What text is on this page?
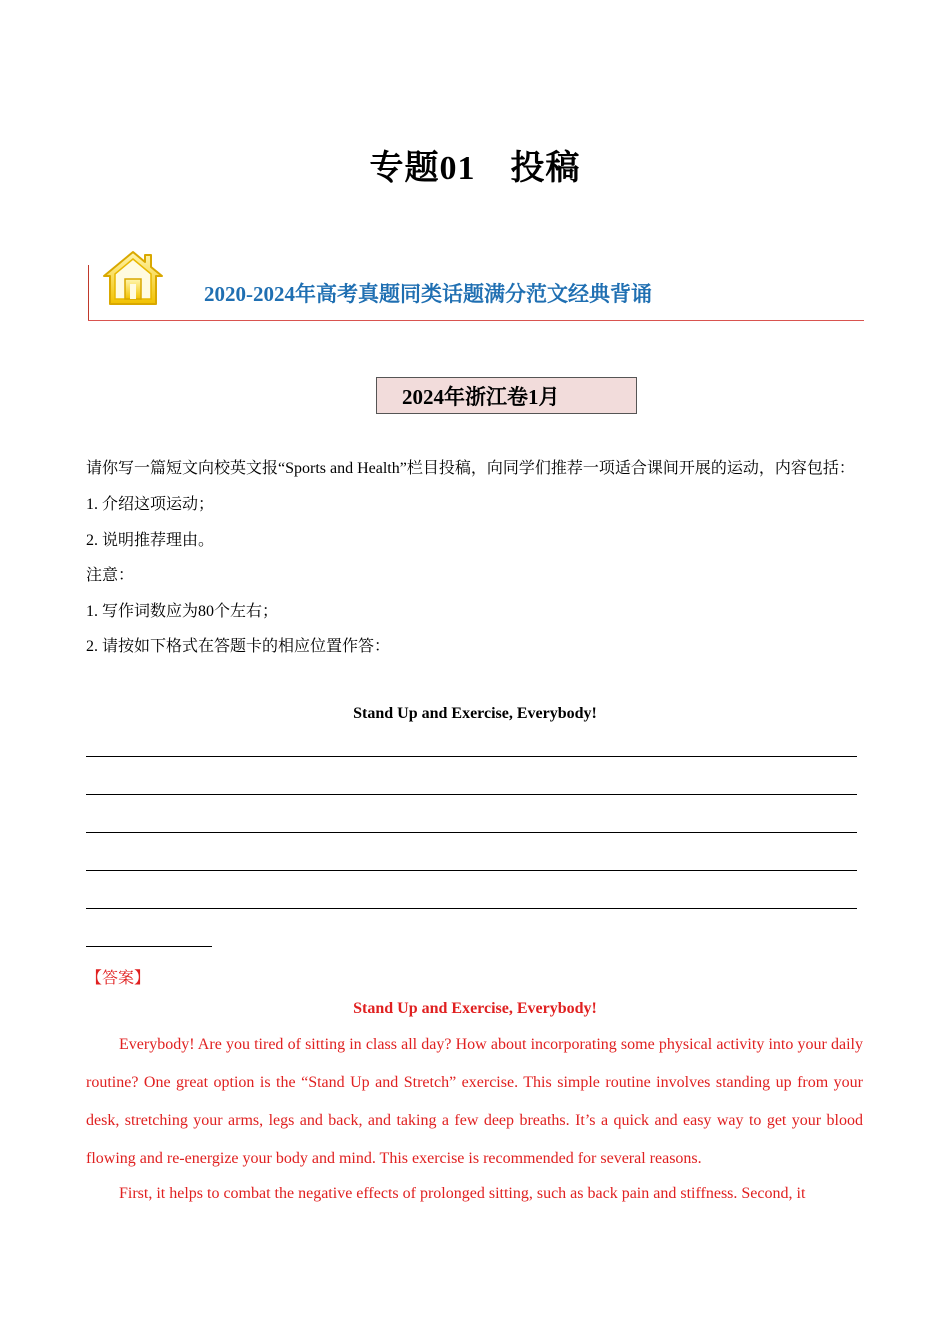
专题01　投稿
2020-2024年高考真题同类话题满分范文经典背诵
2024年浙江卷1月

请你写一篇短文向校英文报“Sports and Health”栏目投稿，向同学们推荐一项适合课间开展的运动，内容包括：

1. 介绍这项运动；

2. 说明推荐理由。

注意：

1. 写作词数应为80个左右；

2. 请按如下格式在答题卡的相应位置作答：

Stand Up and Exercise, Everybody!
【答案】
Stand Up and Exercise, Everybody!

Everybody! Are you tired of sitting in class all day? How about incorporating some physical activity into your daily routine? One great option is the “Stand Up and Stretch” exercise. This simple routine involves standing up from your desk, stretching your arms, legs and back, and taking a few deep breaths. It’s a quick and easy way to get your blood flowing and re-energize your body and mind. This exercise is recommended for several reasons.

First, it helps to combat the negative effects of prolonged sitting, such as back pain and stiffness. Second, it
